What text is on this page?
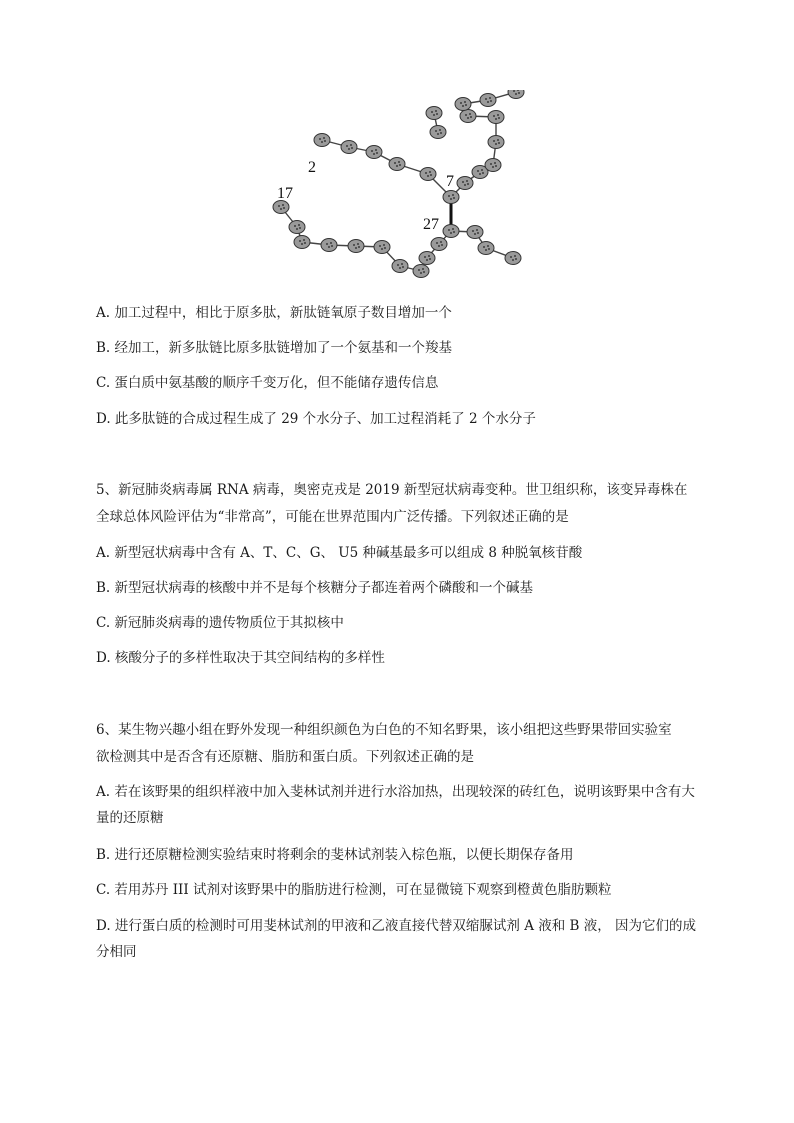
2
17
7
27
A. 加工过程中，相比于原多肽，新肽链氧原子数目增加一个
B. 经加工，新多肽链比原多肽链增加了一个氨基和一个羧基
C. 蛋白质中氨基酸的顺序千变万化，但不能储存遗传信息
D. 此多肽链的合成过程生成了 29 个水分子、加工过程消耗了 2 个水分子
5、新冠肺炎病毒属 RNA 病毒，奥密克戎是 2019 新型冠状病毒变种。世卫组织称，该变异毒株在
全球总体风险评估为“非常高”，可能在世界范围内广泛传播。下列叙述正确的是
A. 新型冠状病毒中含有 A、T、C、G、 U5 种碱基最多可以组成 8 种脱氧核苷酸
B. 新型冠状病毒的核酸中并不是每个核糖分子都连着两个磷酸和一个碱基
C. 新冠肺炎病毒的遗传物质位于其拟核中
D. 核酸分子的多样性取决于其空间结构的多样性
6、某生物兴趣小组在野外发现一种组织颜色为白色的不知名野果，该小组把这些野果带回实验室
欲检测其中是否含有还原糖、脂肪和蛋白质。下列叙述正确的是
A. 若在该野果的组织样液中加入斐林试剂并进行水浴加热，出现较深的砖红色，说明该野果中含有大量的还原糖
B. 进行还原糖检测实验结束时将剩余的斐林试剂装入棕色瓶，以便长期保存备用
C. 若用苏丹 III 试剂对该野果中的脂肪进行检测，可在显微镜下观察到橙黄色脂肪颗粒
D. 进行蛋白质的检测时可用斐林试剂的甲液和乙液直接代替双缩脲试剂 A 液和 B 液， 因为它们的成分相同
